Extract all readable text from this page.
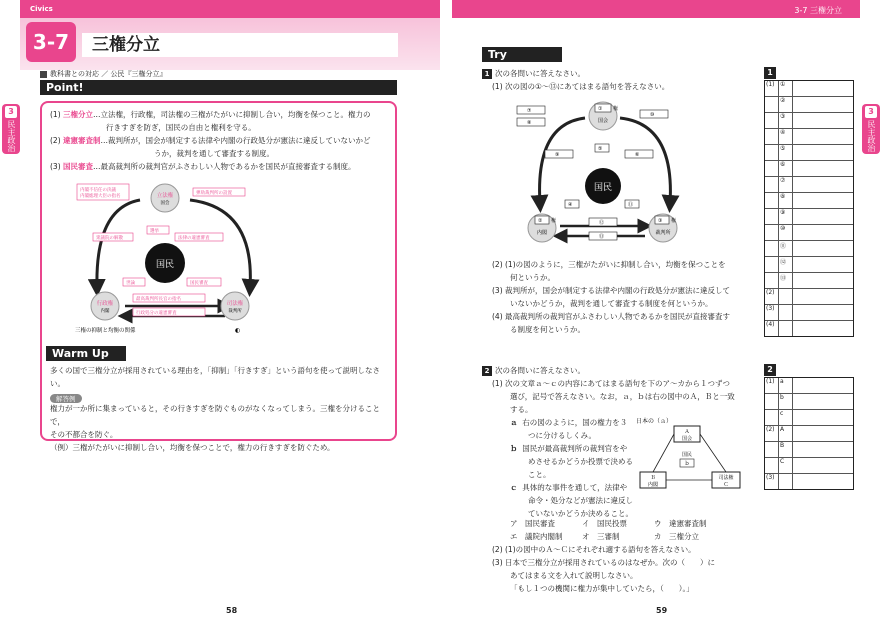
Civics
3-7	三権分立
教科書との対応 ／ 公民『三権分立』
3
民主政治
Point!
(1) 三権分立…立法権，行政権，司法権の三権がたがいに抑制し合い，均衡を保つこと。権力の
行きすぎを防ぎ，国民の自由と権利を守る。
(2) 違憲審査制…裁判所が，国会が制定する法律や内閣の行政処分が憲法に違反していないかど
うか，裁判を通して審査する制度。
(3) 国民審査…最高裁判所の裁判官がふさわしい人物であるかを国民が直接審査する制度。
国民
立法権
国会
行政権
内閣
司法権
裁判所
内閣不信任の決議
内閣総理大臣の指名
弾劾裁判所の設置
衆議院の解散
選挙
法律の違憲審査
世論	国民審査
最高裁判所長官の指名
行政処分の違憲審査
三権の抑制と均衡の関係	◐
Warm Up
多くの国で三権分立が採用されている理由を，「抑制」「行きすぎ」という語句を使って説明しなさい。
解答例
権力が一か所に集まっていると，その行きすぎを防ぐものがなくなってしまう。三権を分けることで，
その不都合を防ぐ。
（例）三権がたがいに抑制し合い，均衡を保つことで，権力の行きすぎを防ぐため。
58
3-7 三権分立
3
民主政治
Try
1 次の各問いに答えなさい。
(1) 次の図の①～⑬にあてはまる語句を答えなさい。
国民
国会
内閣	裁判所
① 権
② 権	③ 権
⑦
⑧
⑩
⑨
⑤
⑥
④	⑪
⑫
⑬
(2) (1)の図のように，三権がたがいに抑制し合い，均衡を保つことを
何というか。
(3) 裁判所が，国会が制定する法律や内閣の行政処分が憲法に違反して
いないかどうか，裁判を通して審査する制度を何というか。
(4) 最高裁判所の裁判官がふさわしい人物であるかを国民が直接審査す
る制度を何というか。
2 次の各問いに答えなさい。
(1) 次の文章ａ～ｃの内容にあてはまる語句を下のア～カから１つずつ
選び，記号で答えなさい。なお，ａ，ｂは右の図中のＡ，Ｂと一致
する。
ａ 右の図のように，国の権力を３
つに分けるしくみ。
ｂ 国民が最高裁判所の裁判官をや
めさせるかどうか投票で決める
こと。
ｃ 具体的な事件を通して，法律や
命令・処分などが憲法に違反し
ていないかどうか決めること。
日本の（ａ）
Ａ
国会
国民
ｂ
Ｂ
内閣
司法権
Ｃ
ア　国民審査	イ　国民投票	ウ　違憲審査制
エ　議院内閣制	オ　三審制	カ　三権分立
(2) (1)の図中のＡ～Ｃにそれぞれ適する語句を答えなさい。
(3) 日本で三権分立が採用されているのはなぜか。次の（　　）に
あてはまる文を入れて説明しなさい。
「もし１つの機関に権力が集中していたら，（　　）。」
59
1
(1) ①
②
③
④
⑤
⑥
⑦
⑧
⑨
⑩
⑪
⑫
⑬
(2)
(3)
(4)
2
(1) a
b
c
(2) A
B
C
(3)
